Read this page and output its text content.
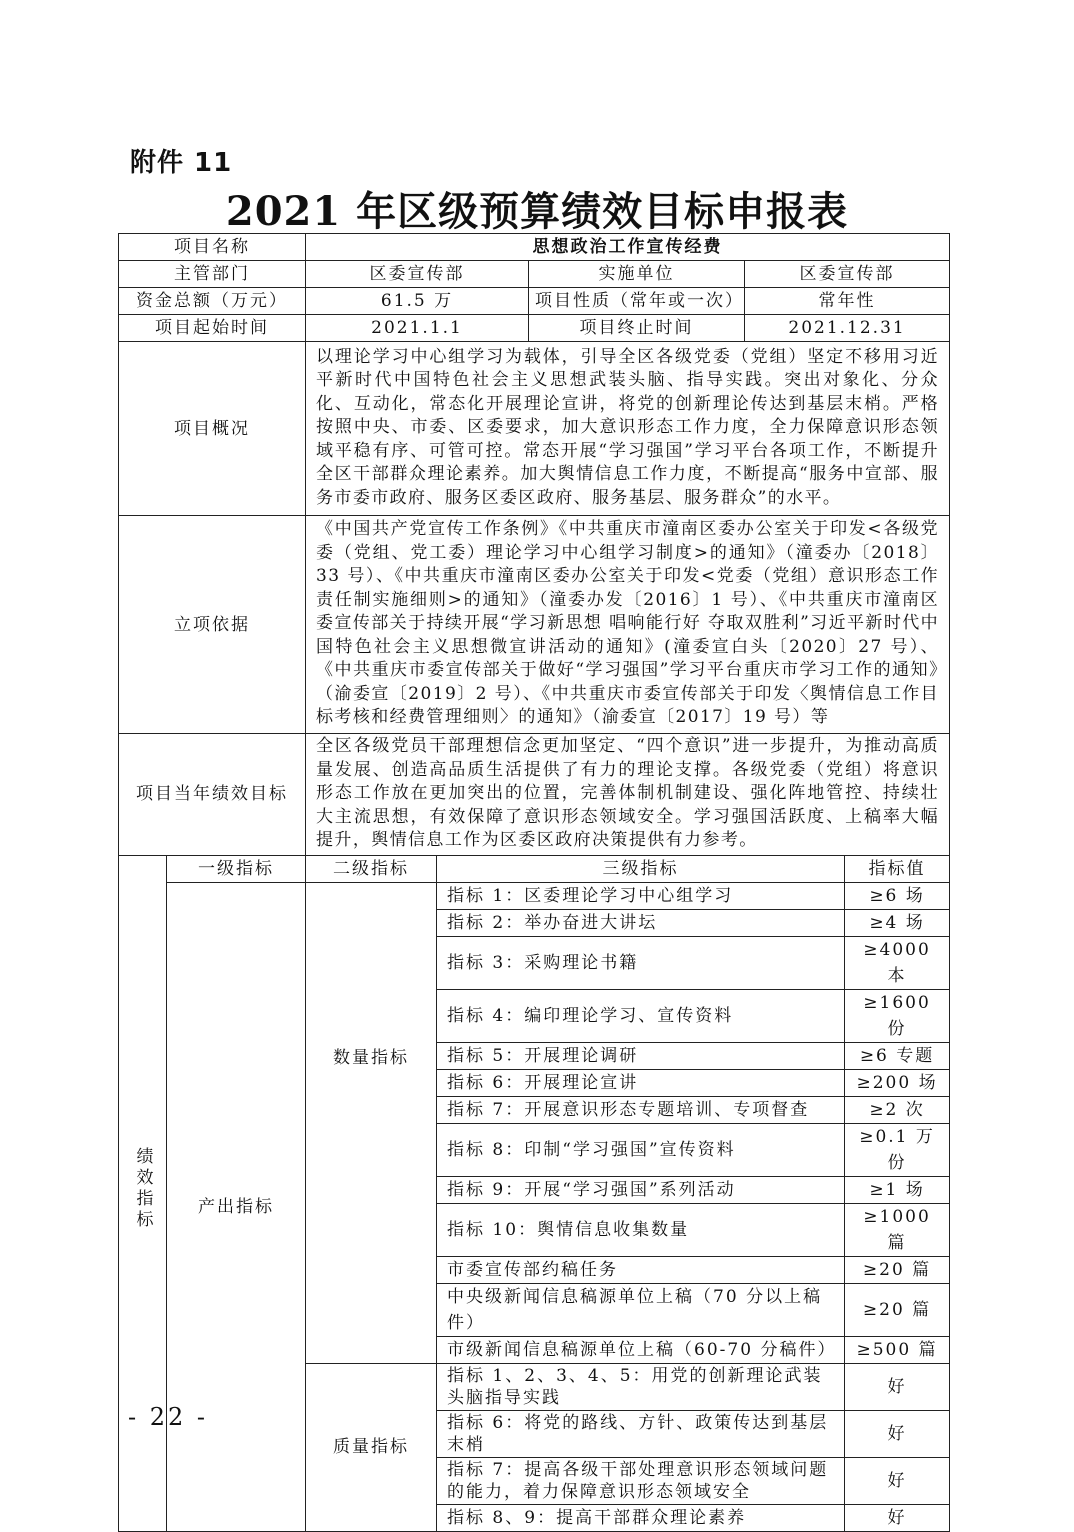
附件 11
2021 年区级预算绩效目标申报表
项目名称		思想政治工作宣传经费				
主管部门		区委宣传部		实施单位	区委宣传部	
资金总额（万元）		61.5 万		项目性质（常年或一次）	常年性	
项目起始时间		2021.1.1		项目终止时间	2021.12.31	
项目概况		以理论学习中心组学习为载体，引导全区各级党委（党组）坚定不移用习近平新时代中国特色社会主义思想武装头脑、指导实践。突出对象化、分众化、互动化，常态化开展理论宣讲，将党的创新理论传达到基层末梢。严格按照中央、市委、区委要求，加大意识形态工作力度，全力保障意识形态领域平稳有序、可管可控。常态开展“学习强国”学习平台各项工作，不断提升全区干部群众理论素养。加大舆情信息工作力度，不断提高“服务中宣部、服务市委市政府、服务区委区政府、服务基层、服务群众”的水平。				
立项依据		《中国共产党宣传工作条例》《中共重庆市潼南区委办公室关于印发<各级党委（党组、党工委）理论学习中心组学习制度>的通知》（潼委办〔2018〕33 号）、《中共重庆市潼南区委办公室关于印发<党委（党组）意识形态工作责任制实施细则>的通知》（潼委办发〔2016〕1 号）、《中共重庆市潼南区委宣传部关于持续开展“学习新思想 唱响能行好 夺取双胜利”习近平新时代中国特色社会主义思想微宣讲活动的通知》(潼委宣白头〔2020〕27 号）、《中共重庆市委宣传部关于做好“学习强国”学习平台重庆市学习工作的通知》（渝委宣〔2019〕2 号）、《中共重庆市委宣传部关于印发〈舆情信息工作目标考核和经费管理细则〉的通知》（渝委宣〔2017〕19 号）等				
项目当年绩效目标		全区各级党员干部理想信念更加坚定、“四个意识”进一步提升，为推动高质量发展、创造高品质生活提供了有力的理论支撑。各级党委（党组）将意识形态工作放在更加突出的位置，完善体制机制建设、强化阵地管控、持续壮大主流思想，有效保障了意识形态领域安全。学习强国活跃度、上稿率大幅提升，舆情信息工作为区委区政府决策提供有力参考。				
绩效指标	一级指标	二级指标	三级指标			指标值
	产出指标	数量指标	指标 1：区委理论学习中心组学习			≥6 场
			指标 2：举办奋进大讲坛			≥4 场
			指标 3：采购理论书籍			≥4000 本
			指标 4：编印理论学习、宣传资料			≥1600 份
			指标 5：开展理论调研			≥6 专题
			指标 6：开展理论宣讲			≥200 场
			指标 7：开展意识形态专题培训、专项督查			≥2 次
			指标 8：印制“学习强国”宣传资料			≥0.1 万份
			指标 9：开展“学习强国”系列活动			≥1 场
			指标 10：舆情信息收集数量			≥1000 篇
			市委宣传部约稿任务			≥20 篇
			中央级新闻信息稿源单位上稿（70 分以上稿件）			≥20 篇
			市级新闻信息稿源单位上稿（60-70 分稿件）			≥500 篇
		质量指标	指标 1、2、3、4、5：用党的创新理论武装头脑指导实践			好
			指标 6：将党的路线、方针、政策传达到基层末梢			好
			指标 7：提高各级干部处理意识形态领域问题的能力，着力保障意识形态领域安全			好
			指标 8、9：提高干部群众理论素养			好
- 22 -
